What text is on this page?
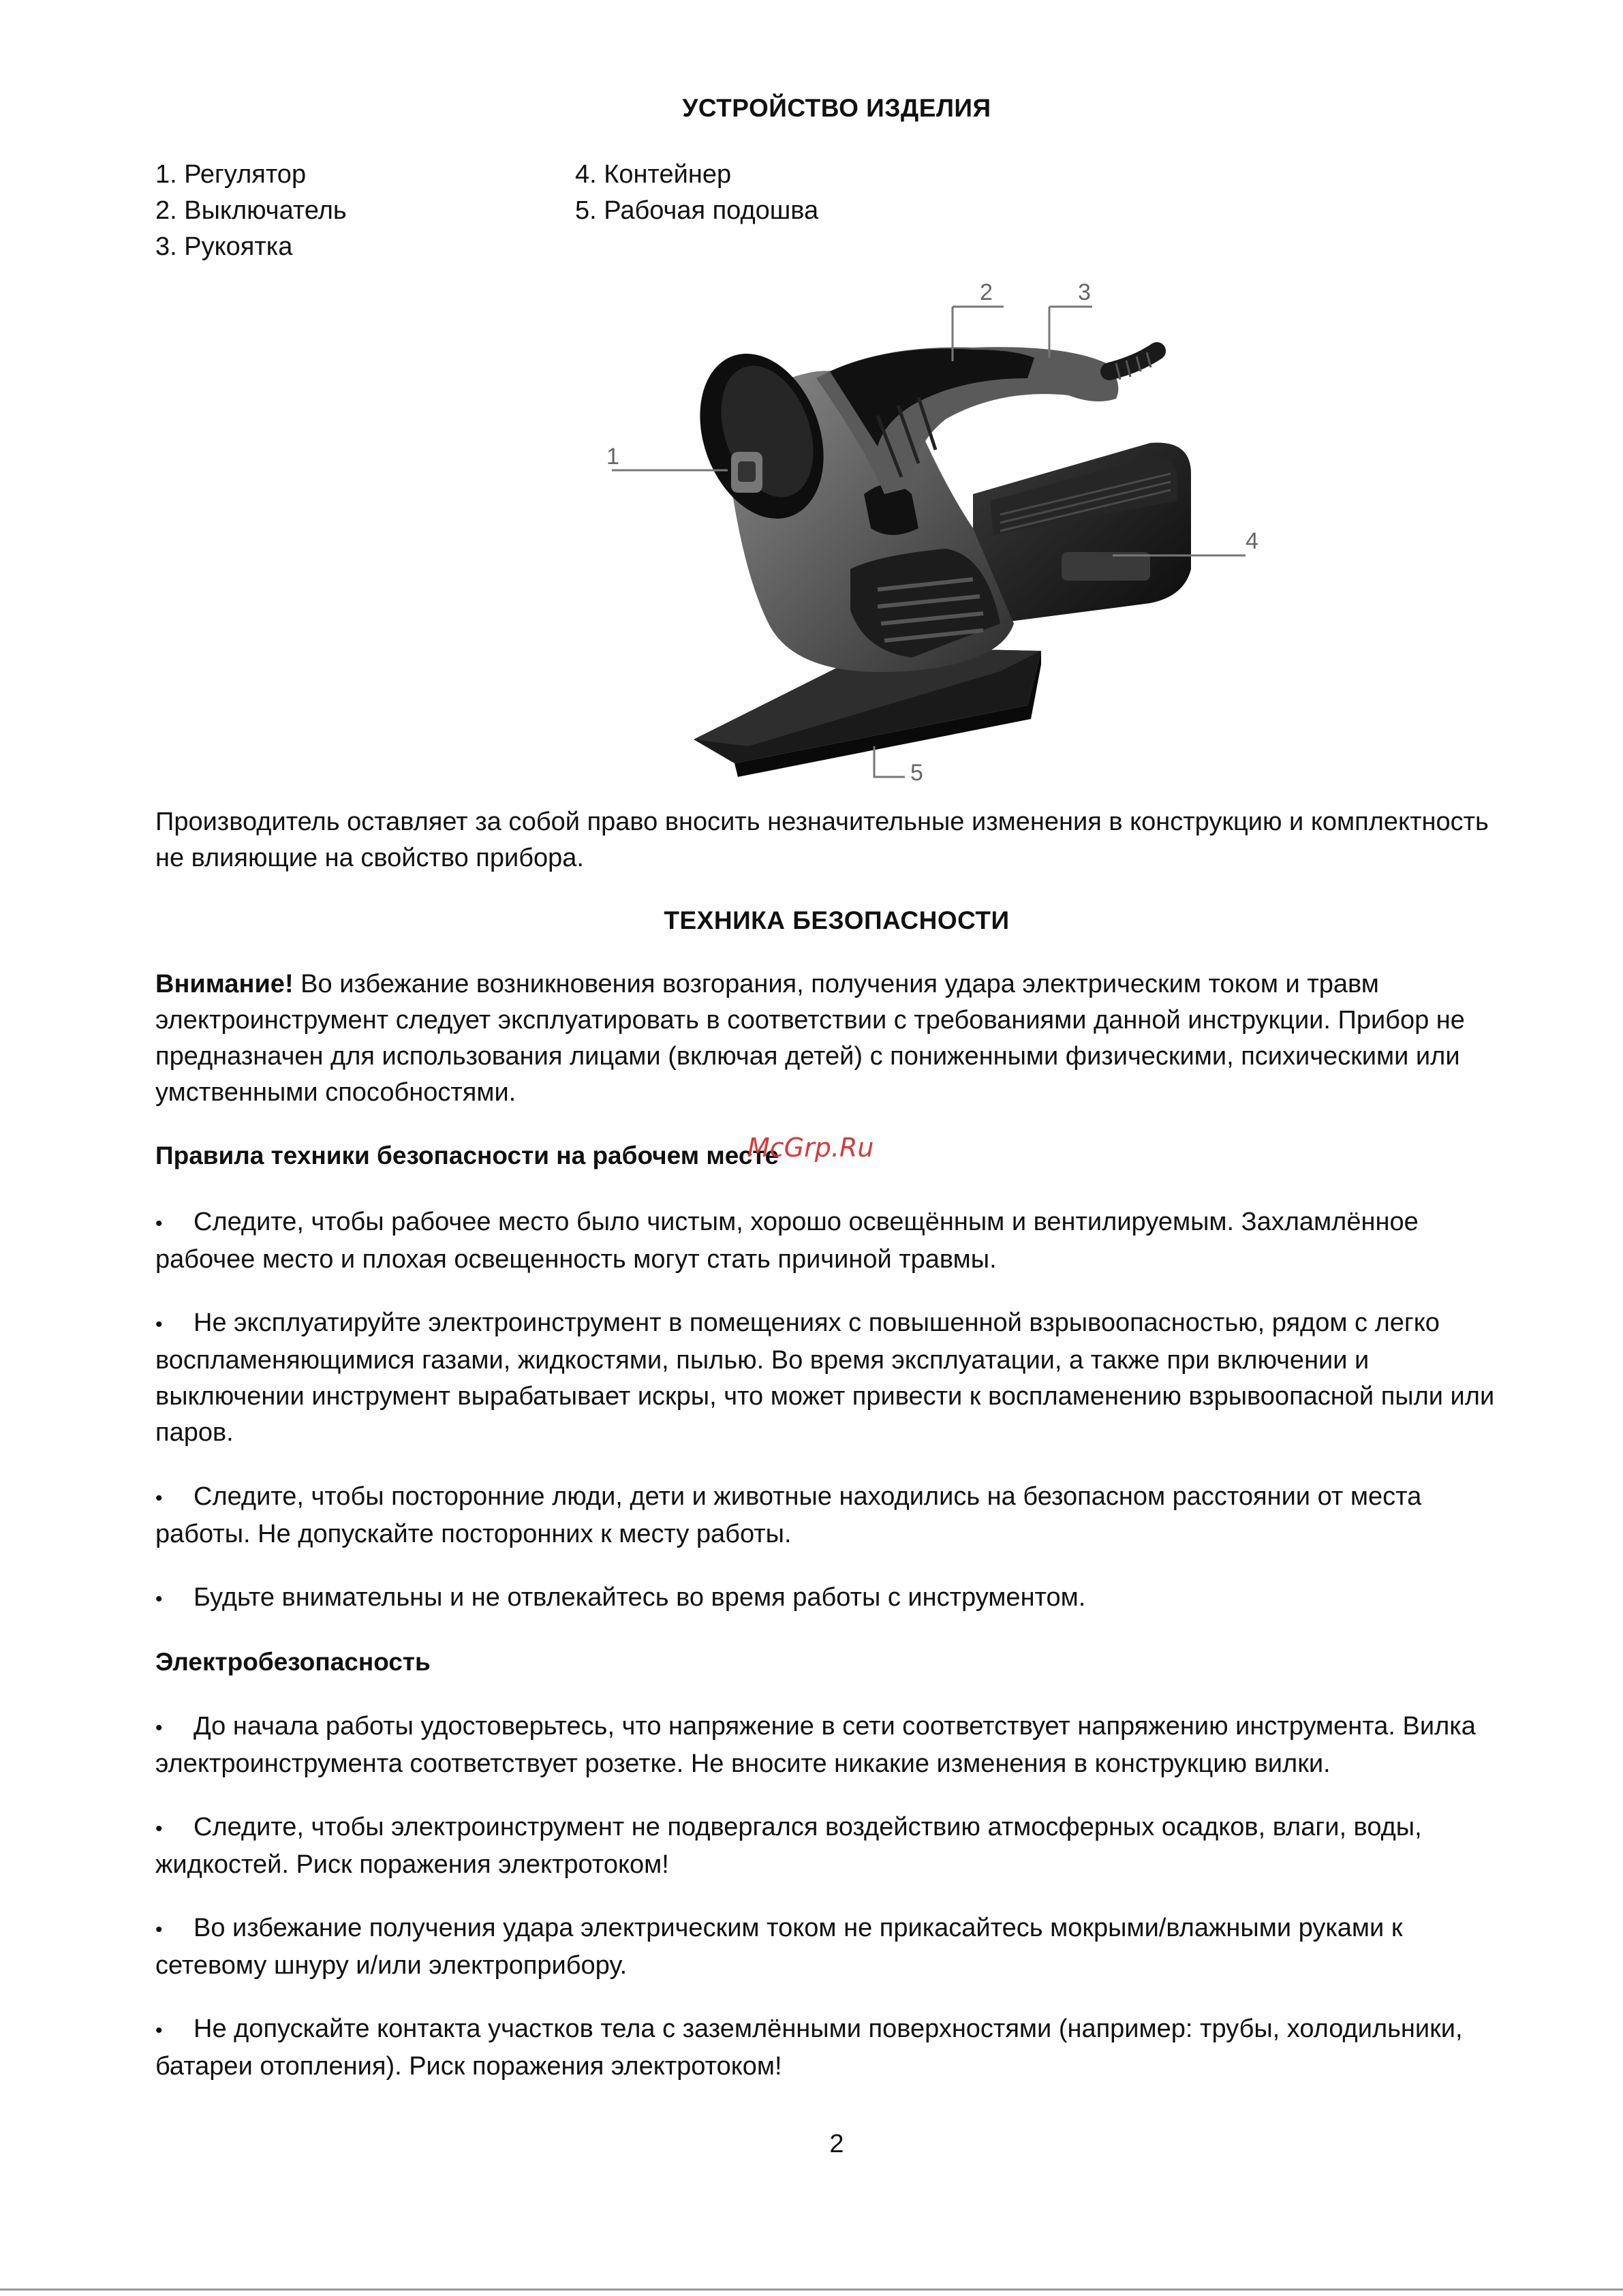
УСТРОЙСТВО ИЗДЕЛИЯ
1. Регулятор
2. Выключатель
3. Рукоятка
4. Контейнер
5. Рабочая подошва
1
2	3
4
5
Производитель оставляет за собой право вносить незначительные изменения в конструкцию и комплектность не влияющие на свойство прибора.
ТЕХНИКА БЕЗОПАСНОСТИ
Внимание! Во избежание возникновения возгорания, получения удара электрическим током и травм электроинструмент следует эксплуатировать в соответствии с требованиями данной инструкции. Прибор не предназначен для использования лицами (включая детей) с пониженными физическими, психическими или умственными способностями.
Правила техники безопасности на рабочем месте
• Следите, чтобы рабочее место было чистым, хорошо освещённым и вентилируемым. Захламлённое рабочее место и плохая освещенность могут стать причиной травмы.
• Не эксплуатируйте электроинструмент в помещениях с повышенной взрывоопасностью, рядом с легко воспламеняющимися газами, жидкостями, пылью. Во время эксплуатации, а также при включении и выключении инструмент вырабатывает искры, что может привести к воспламенению взрывоопасной пыли или паров.
• Следите, чтобы посторонние люди, дети и животные находились на безопасном расстоянии от места работы. Не допускайте посторонних к месту работы.
• Будьте внимательны и не отвлекайтесь во время работы с инструментом.
Электробезопасность
• До начала работы удостоверьтесь, что напряжение в сети соответствует напряжению инструмента. Вилка электроинструмента соответствует розетке. Не вносите никакие изменения в конструкцию вилки.
• Следите, чтобы электроинструмент не подвергался воздействию атмосферных осадков, влаги, воды, жидкостей. Риск поражения электротоком!
• Во избежание получения удара электрическим током не прикасайтесь мокрыми/влажными руками к сетевому шнуру и/или электроприбору.
• Не допускайте контакта участков тела с заземлёнными поверхностями (например: трубы, холодильники, батареи отопления). Риск поражения электротоком!
2
McGrp.Ru
